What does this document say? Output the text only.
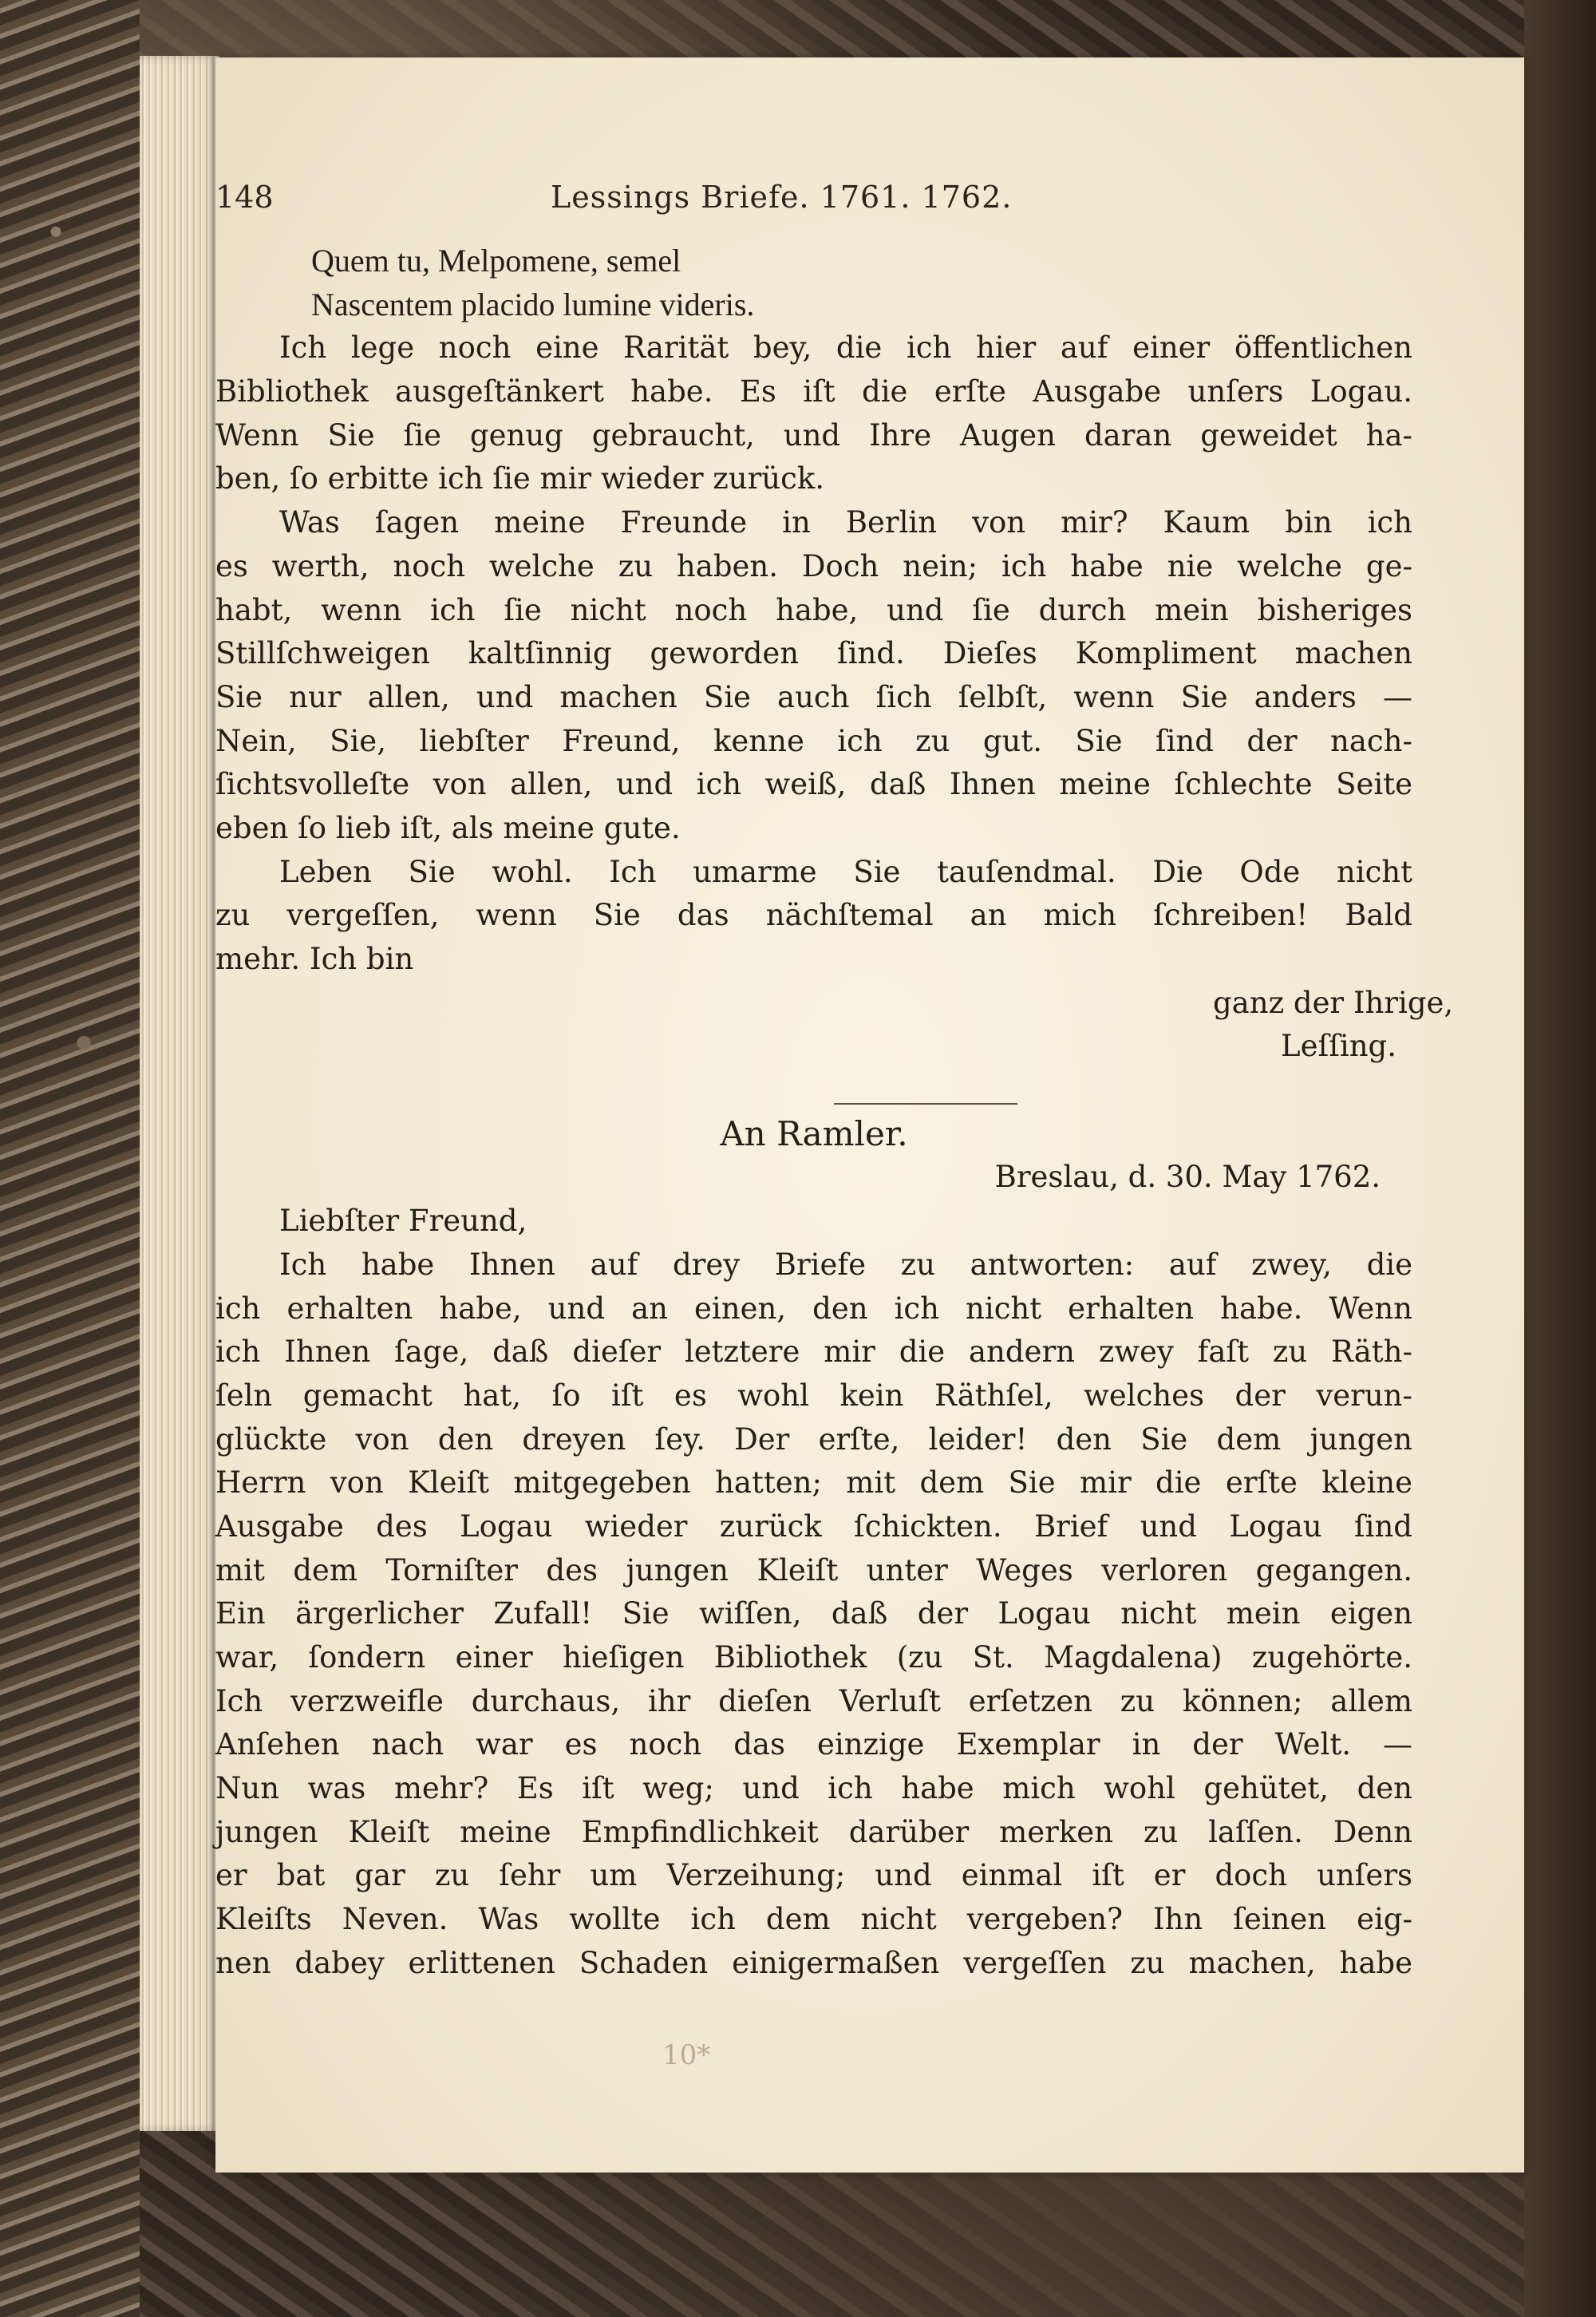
148	Lessings Briefe. 1761. 1762.
Quem tu, Melpomene, semel
Nascentem placido lumine videris.
Ich lege noch eine Rarität bey, die ich hier auf einer öffentlichen
Bibliothek ausgeſtänkert habe. Es iſt die erſte Ausgabe unſers Logau.
Wenn Sie ſie genug gebraucht, und Ihre Augen daran geweidet ha-
ben, ſo erbitte ich ſie mir wieder zurück.
Was ſagen meine Freunde in Berlin von mir? Kaum bin ich
es werth, noch welche zu haben. Doch nein; ich habe nie welche ge-
habt, wenn ich ſie nicht noch habe, und ſie durch mein bisheriges
Stillſchweigen kaltſinnig geworden ſind. Dieſes Kompliment machen
Sie nur allen, und machen Sie auch ſich ſelbſt, wenn Sie anders —
Nein, Sie, liebſter Freund, kenne ich zu gut. Sie ſind der nach-
ſichtsvolleſte von allen, und ich weiß, daß Ihnen meine ſchlechte Seite
eben ſo lieb iſt, als meine gute.
Leben Sie wohl. Ich umarme Sie tauſendmal. Die Ode nicht
zu vergeſſen, wenn Sie das nächſtemal an mich ſchreiben! Bald
mehr. Ich bin
ganz der Ihrige,
Leſſing.
An Ramler.
Breslau, d. 30. May 1762.
Liebſter Freund,
Ich habe Ihnen auf drey Briefe zu antworten: auf zwey, die
ich erhalten habe, und an einen, den ich nicht erhalten habe. Wenn
ich Ihnen ſage, daß dieſer letztere mir die andern zwey faſt zu Räth-
ſeln gemacht hat, ſo iſt es wohl kein Räthſel, welches der verun-
glückte von den dreyen ſey. Der erſte, leider! den Sie dem jungen
Herrn von Kleiſt mitgegeben hatten; mit dem Sie mir die erſte kleine
Ausgabe des Logau wieder zurück ſchickten. Brief und Logau ſind
mit dem Torniſter des jungen Kleiſt unter Weges verloren gegangen.
Ein ärgerlicher Zufall! Sie wiſſen, daß der Logau nicht mein eigen
war, ſondern einer hieſigen Bibliothek (zu St. Magdalena) zugehörte.
Ich verzweifle durchaus, ihr dieſen Verluſt erſetzen zu können; allem
Anſehen nach war es noch das einzige Exemplar in der Welt. —
Nun was mehr? Es iſt weg; und ich habe mich wohl gehütet, den
jungen Kleiſt meine Empfindlichkeit darüber merken zu laſſen. Denn
er bat gar zu ſehr um Verzeihung; und einmal iſt er doch unſers
Kleiſts Neven. Was wollte ich dem nicht vergeben? Ihn ſeinen eig-
nen dabey erlittenen Schaden einigermaßen vergeſſen zu machen, habe
10*
